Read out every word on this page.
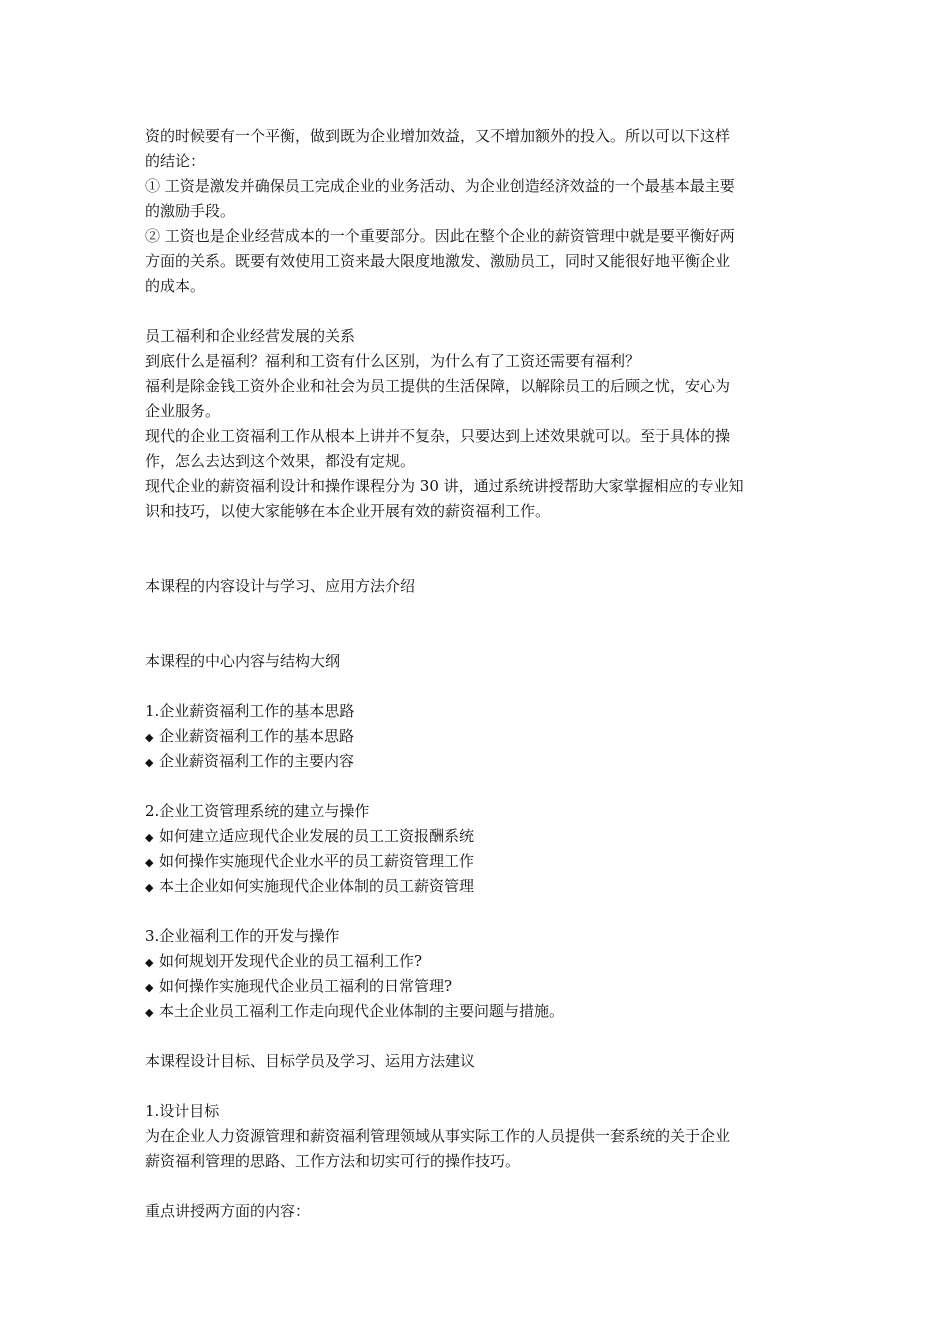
资的时候要有一个平衡，做到既为企业增加效益，又不增加额外的投入。所以可以下这样
的结论：
① 工资是激发并确保员工完成企业的业务活动、为企业创造经济效益的一个最基本最主要
的激励手段。
② 工资也是企业经营成本的一个重要部分。因此在整个企业的薪资管理中就是要平衡好两
方面的关系。既要有效使用工资来最大限度地激发、激励员工，同时又能很好地平衡企业
的成本。
员工福利和企业经营发展的关系
到底什么是福利？福利和工资有什么区别，为什么有了工资还需要有福利？
福利是除金钱工资外企业和社会为员工提供的生活保障，以解除员工的后顾之忧，安心为
企业服务。
现代的企业工资福利工作从根本上讲并不复杂，只要达到上述效果就可以。至于具体的操
作，怎么去达到这个效果，都没有定规。
现代企业的薪资福利设计和操作课程分为 30 讲，通过系统讲授帮助大家掌握相应的专业知
识和技巧，以使大家能够在本企业开展有效的薪资福利工作。
本课程的内容设计与学习、应用方法介绍
本课程的中心内容与结构大纲
1.企业薪资福利工作的基本思路
◆ 企业薪资福利工作的基本思路
◆ 企业薪资福利工作的主要内容
2.企业工资管理系统的建立与操作
◆ 如何建立适应现代企业发展的员工工资报酬系统
◆ 如何操作实施现代企业水平的员工薪资管理工作
◆ 本土企业如何实施现代企业体制的员工薪资管理
3.企业福利工作的开发与操作
◆ 如何规划开发现代企业的员工福利工作?
◆ 如何操作实施现代企业员工福利的日常管理?
◆ 本土企业员工福利工作走向现代企业体制的主要问题与措施。
本课程设计目标、目标学员及学习、运用方法建议
1.设计目标
为在企业人力资源管理和薪资福利管理领域从事实际工作的人员提供一套系统的关于企业
薪资福利管理的思路、工作方法和切实可行的操作技巧。
重点讲授两方面的内容：
